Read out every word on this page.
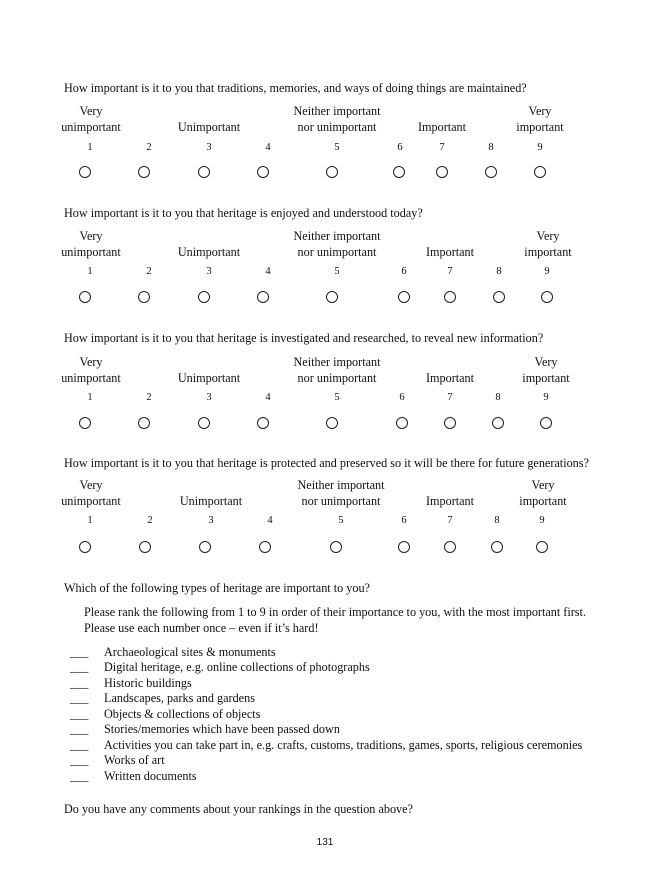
How important is it to you that traditions, memories, and ways of doing things are maintained?
Very
unimportant	Unimportant
Neither important
nor unimportant	Important
Very
important
1	2	3	4	5	6	7	8	9
How important is it to you that heritage is enjoyed and understood today?
Very
unimportant	Unimportant
Neither important
nor unimportant	Important
Very
important
1	2	3	4	5	6	7	8	9
How important is it to you that heritage is investigated and researched, to reveal new information?
Very
unimportant	Unimportant
Neither important
nor unimportant	Important
Very
important
1	2	3	4	5	6	7	8	9
How important is it to you that heritage is protected and preserved so it will be there for future generations?
Very
unimportant	Unimportant
Neither important
nor unimportant	Important
Very
important
1	2	3	4	5	6	7	8	9
Which of the following types of heritage are important to you?
Please rank the following from 1 to 9 in order of their importance to you, with the most important first. Please use each number once – even if it’s hard!
___ Archaeological sites & monuments
___ Digital heritage, e.g. online collections of photographs
___ Historic buildings
___ Landscapes, parks and gardens
___ Objects & collections of objects
___ Stories/memories which have been passed down
___ Activities you can take part in, e.g. crafts, customs, traditions, games, sports, religious ceremonies
___ Works of art
___ Written documents
Do you have any comments about your rankings in the question above?
131
